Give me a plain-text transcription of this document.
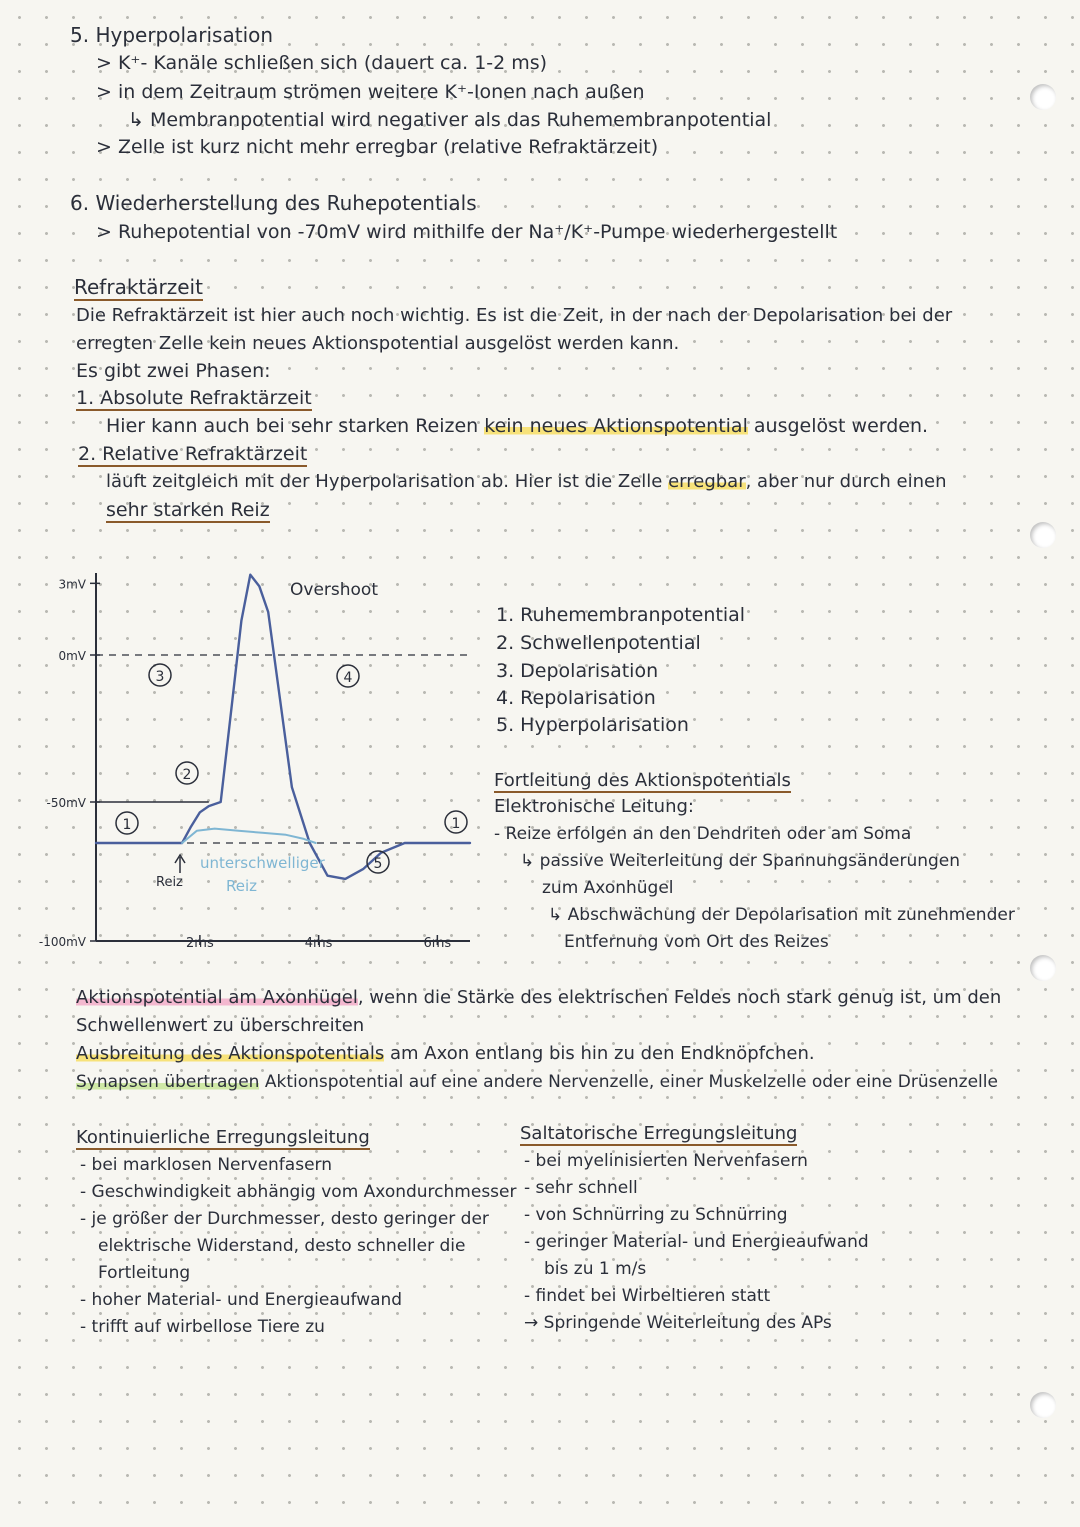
5. Hyperpolarisation
> K⁺- Kanäle schließen sich (dauert ca. 1-2 ms)
> in dem Zeitraum strömen weitere K⁺-Ionen nach außen
↳ Membranpotential wird negativer als das Ruhemembranpotential
> Zelle ist kurz nicht mehr erregbar (relative Refraktärzeit)
6. Wiederherstellung des Ruhepotentials
> Ruhepotential von -70mV wird mithilfe der Na⁺/K⁺-Pumpe wiederhergestellt
Refraktärzeit
Die Refraktärzeit ist hier auch noch wichtig. Es ist die Zeit, in der nach der Depolarisation bei der
erregten Zelle kein neues Aktionspotential ausgelöst werden kann.
Es gibt zwei Phasen:
1. Absolute Refraktärzeit
Hier kann auch bei sehr starken Reizen kein neues Aktionspotential ausgelöst werden.
2. Relative Refraktärzeit
läuft zeitgleich mit der Hyperpolarisation ab. Hier ist die Zelle erregbar, aber nur durch einen
sehr starken Reiz
3mV
0mV
-50mV
-100mV	2ms	4ms	6ms
Overshoot
3
2
4
1	1
5
Reiz
unterschwelliger
Reiz
1. Ruhemembranpotential
2. Schwellenpotential
3. Depolarisation
4. Repolarisation
5. Hyperpolarisation
Fortleitung des Aktionspotentials
Elektronische Leitung:
- Reize erfolgen an den Dendriten oder am Soma
↳ passive Weiterleitung der Spannungsänderungen
zum Axonhügel
↳ Abschwächung der Depolarisation mit zunehmender
Entfernung vom Ort des Reizes
Aktionspotential am Axonhügel, wenn die Stärke des elektrischen Feldes noch stark genug ist, um den
Schwellenwert zu überschreiten
Ausbreitung des Aktionspotentials am Axon entlang bis hin zu den Endknöpfchen.
Synapsen übertragen Aktionspotential auf eine andere Nervenzelle, einer Muskelzelle oder eine Drüsenzelle
Kontinuierliche Erregungsleitung
- bei marklosen Nervenfasern
- Geschwindigkeit abhängig vom Axondurchmesser
- je größer der Durchmesser, desto geringer der
elektrische Widerstand, desto schneller die
Fortleitung
- hoher Material- und Energieaufwand
- trifft auf wirbellose Tiere zu
Saltatorische Erregungsleitung
- bei myelinisierten Nervenfasern
- sehr schnell
- von Schnürring zu Schnürring
- geringer Material- und Energieaufwand
bis zu 1 m/s
- findet bei Wirbeltieren statt
→ Springende Weiterleitung des APs
